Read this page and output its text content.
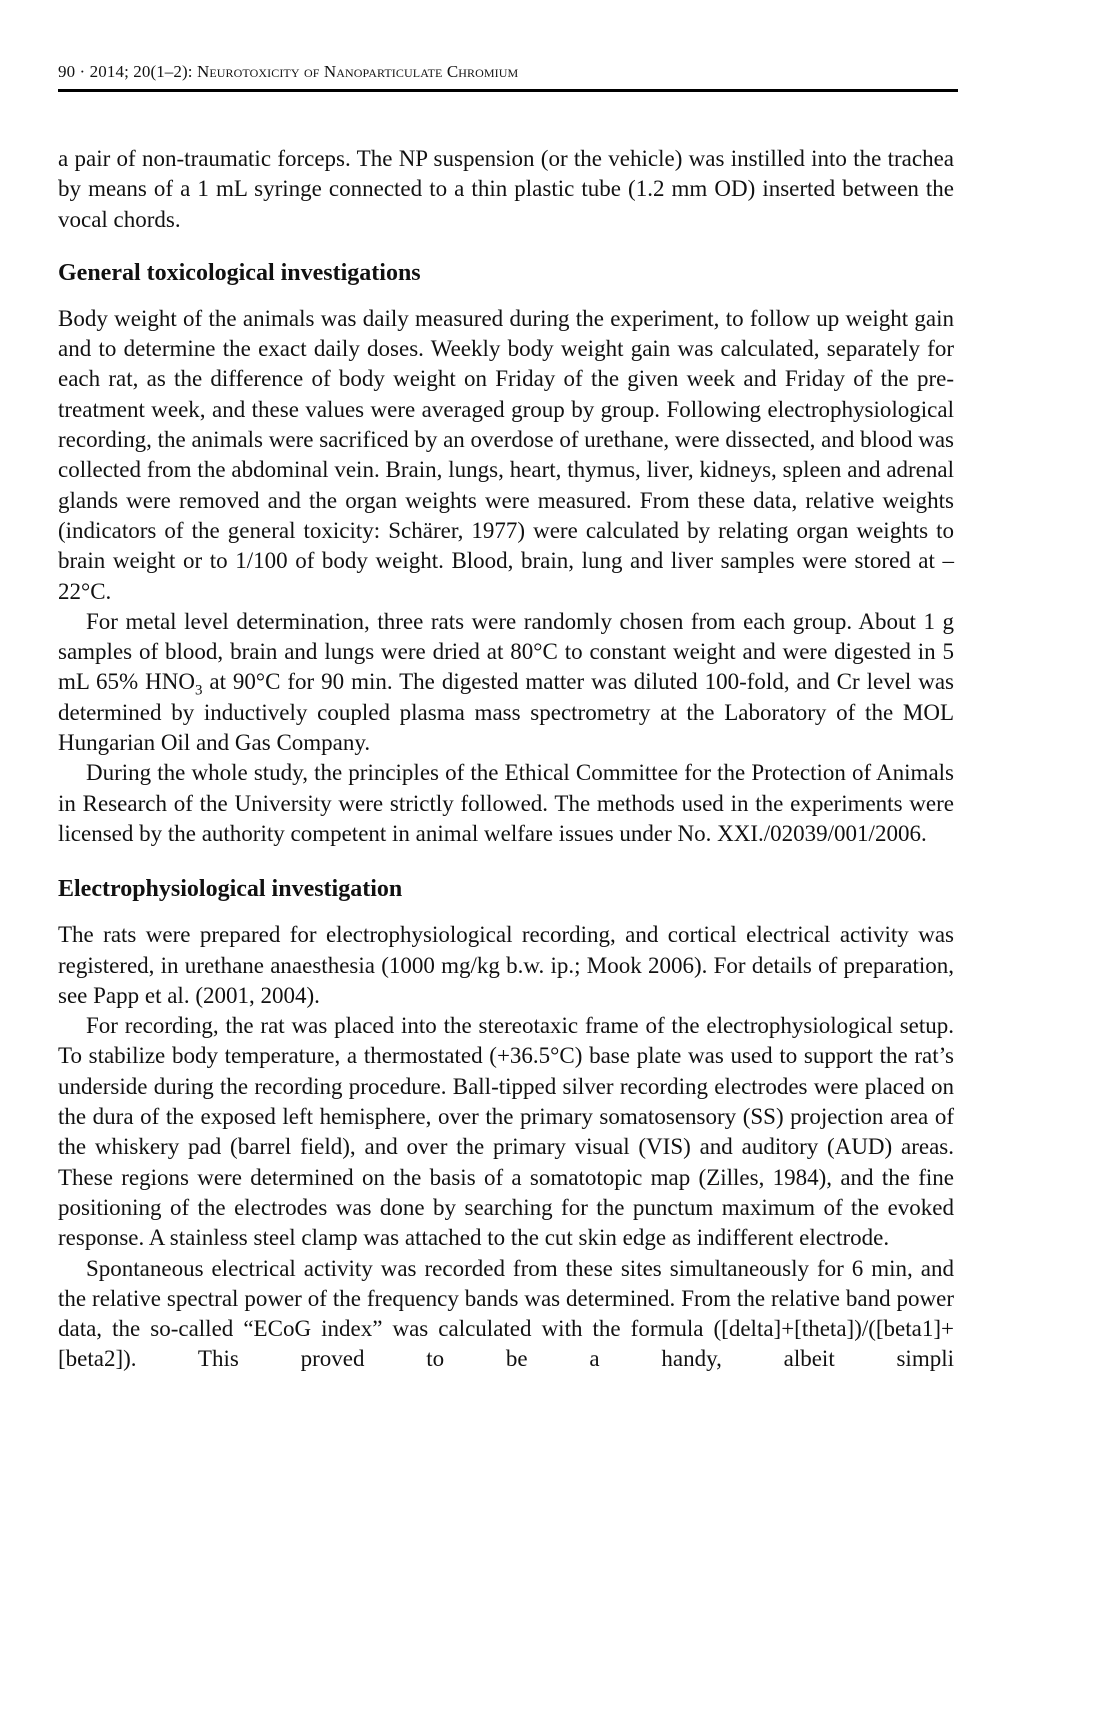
90 · 2014; 20(1–2): Neurotoxicity of Nanoparticulate Chromium

a pair of non-traumatic forceps. The NP suspension (or the vehicle) was instilled into the trachea by means of a 1 mL syringe connected to a thin plastic tube (1.2 mm OD) inserted between the vocal chords.

General toxicological investigations

Body weight of the animals was daily measured during the experiment, to follow up weight gain and to determine the exact daily doses. Weekly body weight gain was calculated, separately for each rat, as the difference of body weight on Friday of the given week and Friday of the pre-treatment week, and these values were averaged group by group. Following electrophysiological recording, the animals were sacrificed by an overdose of urethane, were dissected, and blood was collected from the abdominal vein. Brain, lungs, heart, thymus, liver, kidneys, spleen and adrenal glands were removed and the organ weights were measured. From these data, relative weights (indicators of the general toxicity: Schärer, 1977) were calculated by relating organ weights to brain weight or to 1/100 of body weight. Blood, brain, lung and liver samples were stored at –22°C.

For metal level determination, three rats were randomly chosen from each group. About 1 g samples of blood, brain and lungs were dried at 80°C to constant weight and were digested in 5 mL 65% $HNO_3$ at 90°C for 90 min. The digested matter was diluted 100-fold, and Cr level was determined by inductively coupled plasma mass spectrometry at the Laboratory of the MOL Hungarian Oil and Gas Company.

During the whole study, the principles of the Ethical Committee for the Protection of Animals in Research of the University were strictly followed. The methods used in the experiments were licensed by the authority competent in animal welfare issues under No. XXI./02039/001/2006.

Electrophysiological investigation

The rats were prepared for electrophysiological recording, and cortical electrical activity was registered, in urethane anaesthesia (1000 mg/kg b.w. ip.; Mook 2006). For details of preparation, see Papp et al. (2001, 2004).

For recording, the rat was placed into the stereotaxic frame of the electrophysiological setup. To stabilize body temperature, a thermostated (+36.5°C) base plate was used to support the rat’s underside during the recording procedure. Ball-tipped silver recording electrodes were placed on the dura of the exposed left hemisphere, over the primary somatosensory (SS) projection area of the whiskery pad (barrel field), and over the primary visual (VIS) and auditory (AUD) areas. These regions were determined on the basis of a somatotopic map (Zilles, 1984), and the fine positioning of the electrodes was done by searching for the punctum maximum of the evoked response. A stainless steel clamp was attached to the cut skin edge as indifferent electrode.

Spontaneous electrical activity was recorded from these sites simultaneously for 6 min, and the relative spectral power of the frequency bands was determined. From the relative band power data, the so-called “ECoG index” was calculated with the formula ([delta]+[theta])/([beta1]+[beta2]). This proved to be a handy, albeit simpli
